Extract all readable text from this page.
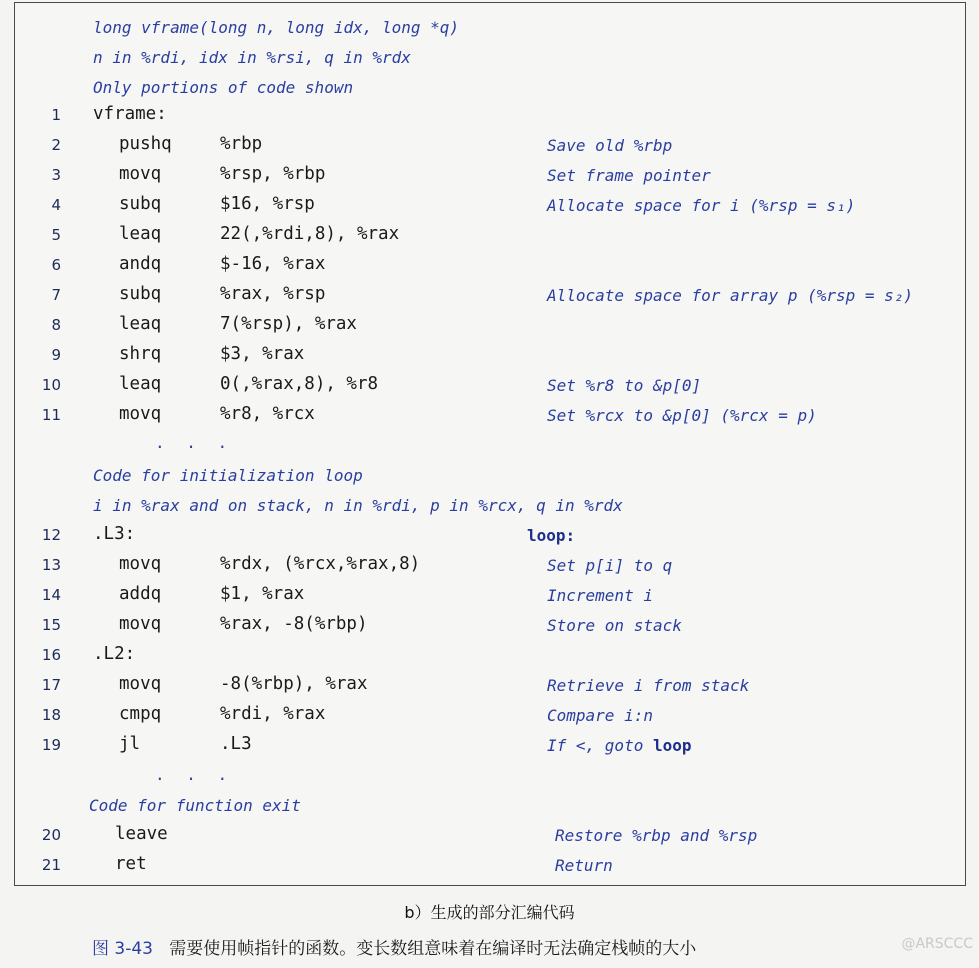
long vframe(long n, long idx, long *q)
n in %rdi, idx in %rsi, q in %rdx
Only portions of code shown
1 vframe:
2	pushq	%rbp	Save old %rbp
3	movq	%rsp, %rbp	Set frame pointer
4	subq	$16, %rsp	Allocate space for i (%rsp = s₁)
5	leaq	22(,%rdi,8), %rax
6	andq	$-16, %rax
7	subq	%rax, %rsp	Allocate space for array p (%rsp = s₂)
8	leaq	7(%rsp), %rax
9	shrq	$3, %rax
10	leaq	0(,%rax,8), %r8	Set %r8 to &p[0]
11	movq	%r8, %rcx	Set %rcx to &p[0] (%rcx = p)
. . .
Code for initialization loop
i in %rax and on stack, n in %rdi, p in %rcx, q in %rdx
12 .L3:	loop:
13	movq	%rdx, (%rcx,%rax,8)	Set p[i] to q
14	addq	$1, %rax	Increment i
15	movq	%rax, -8(%rbp)	Store on stack
16 .L2:
17	movq	-8(%rbp), %rax	Retrieve i from stack
18	cmpq	%rdi, %rax	Compare i:n
19	jl	.L3	If <, goto loop
. . .
Code for function exit
20	leave	Restore %rbp and %rsp
21	ret	Return
b）生成的部分汇编代码
图 3-43 需要使用帧指针的函数。变长数组意味着在编译时无法确定栈帧的大小	@ARSCCC
